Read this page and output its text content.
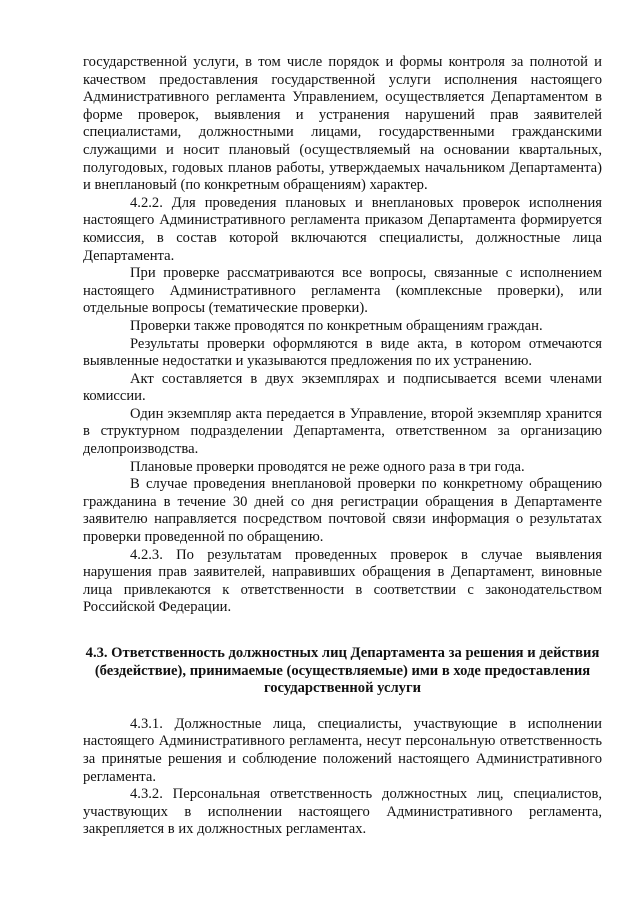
государственной услуги, в том числе порядок и формы контроля за полнотой и качеством предоставления государственной услуги исполнения настоящего Административного регламента Управлением, осуществляется Департаментом в форме проверок, выявления и устранения нарушений прав заявителей специалистами, должностными лицами, государственными гражданскими служащими и носит плановый (осуществляемый на основании квартальных, полугодовых, годовых планов работы, утверждаемых начальником Департамента) и внеплановый (по конкретным обращениям) характер.

4.2.2. Для проведения плановых и внеплановых проверок исполнения настоящего Административного регламента приказом Департамента формируется комиссия, в состав которой включаются специалисты, должностные лица Департамента.

При проверке рассматриваются все вопросы, связанные с исполнением настоящего Административного регламента (комплексные проверки), или отдельные вопросы (тематические проверки).

Проверки также проводятся по конкретным обращениям граждан.

Результаты проверки оформляются в виде акта, в котором отмечаются выявленные недостатки и указываются предложения по их устранению.

Акт составляется в двух экземплярах и подписывается всеми членами комиссии.

Один экземпляр акта передается в Управление, второй экземпляр хранится в структурном подразделении Департамента, ответственном за организацию делопроизводства.

Плановые проверки проводятся не реже одного раза в три года.

В случае проведения внеплановой проверки по конкретному обращению гражданина в течение 30 дней со дня регистрации обращения в Департаменте заявителю направляется посредством почтовой связи информация о результатах проверки проведенной по обращению.

4.2.3. По результатам проведенных проверок в случае выявления нарушения прав заявителей, направивших обращения в Департамент, виновные лица привлекаются к ответственности в соответствии с законодательством Российской Федерации.

4.3. Ответственность должностных лиц Департамента за решения и действия (бездействие), принимаемые (осуществляемые) ими в ходе предоставления государственной услуги

4.3.1. Должностные лица, специалисты, участвующие в исполнении настоящего Административного регламента, несут персональную ответственность за принятые решения и соблюдение положений настоящего Административного регламента.

4.3.2. Персональная ответственность должностных лиц, специалистов, участвующих в исполнении настоящего Административного регламента, закрепляется в их должностных регламентах.
